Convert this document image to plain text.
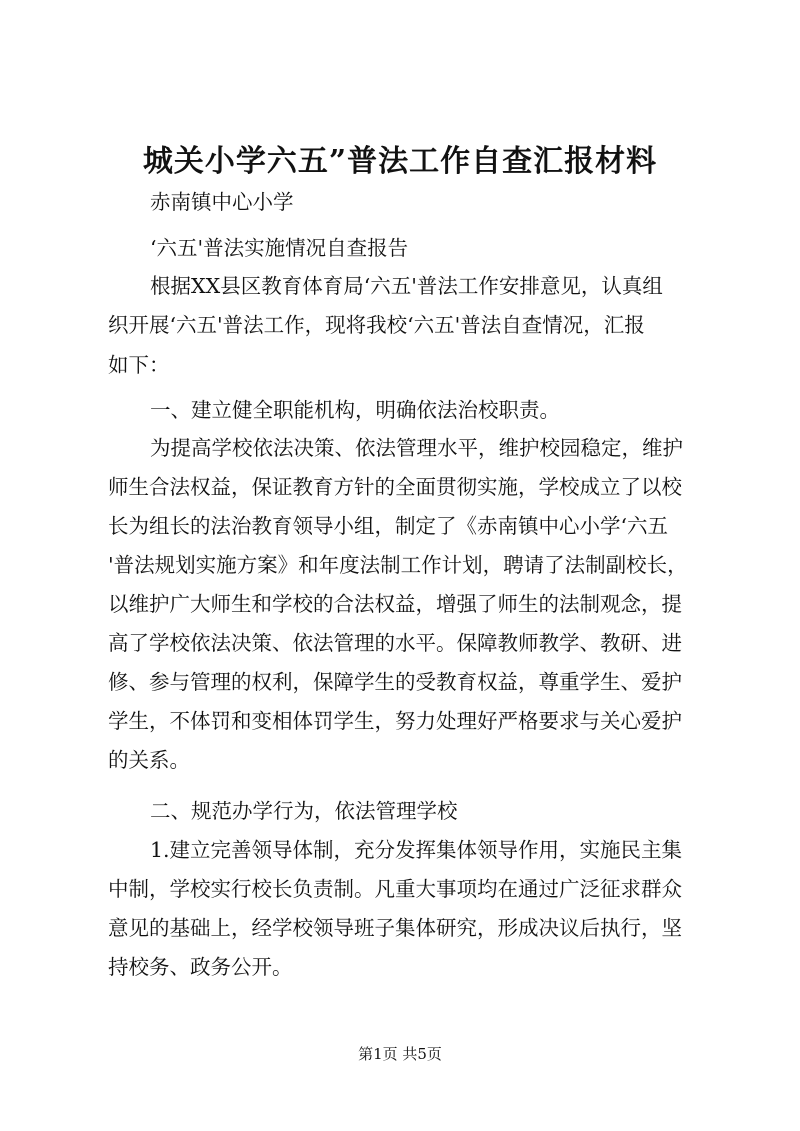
城关小学六五”普法工作自查汇报材料
赤南镇中心小学
‘六五'普法实施情况自查报告
根据XX县区教育体育局‘六五'普法工作安排意见，认真组
织开展‘六五'普法工作，现将我校‘六五'普法自查情况，汇报
如下：
一、建立健全职能机构，明确依法治校职责。
为提高学校依法决策、依法管理水平，维护校园稳定，维护
师生合法权益，保证教育方针的全面贯彻实施，学校成立了以校
长为组长的法治教育领导小组，制定了《赤南镇中心小学‘六五
'普法规划实施方案》和年度法制工作计划，聘请了法制副校长，
以维护广大师生和学校的合法权益，增强了师生的法制观念，提
高了学校依法决策、依法管理的水平。保障教师教学、教研、进
修、参与管理的权利，保障学生的受教育权益，尊重学生、爱护
学生，不体罚和变相体罚学生，努力处理好严格要求与关心爱护
的关系。
二、规范办学行为，依法管理学校
1.建立完善领导体制，充分发挥集体领导作用，实施民主集
中制，学校实行校长负责制。凡重大事项均在通过广泛征求群众
意见的基础上，经学校领导班子集体研究，形成决议后执行，坚
持校务、政务公开。
第1页 共5页
